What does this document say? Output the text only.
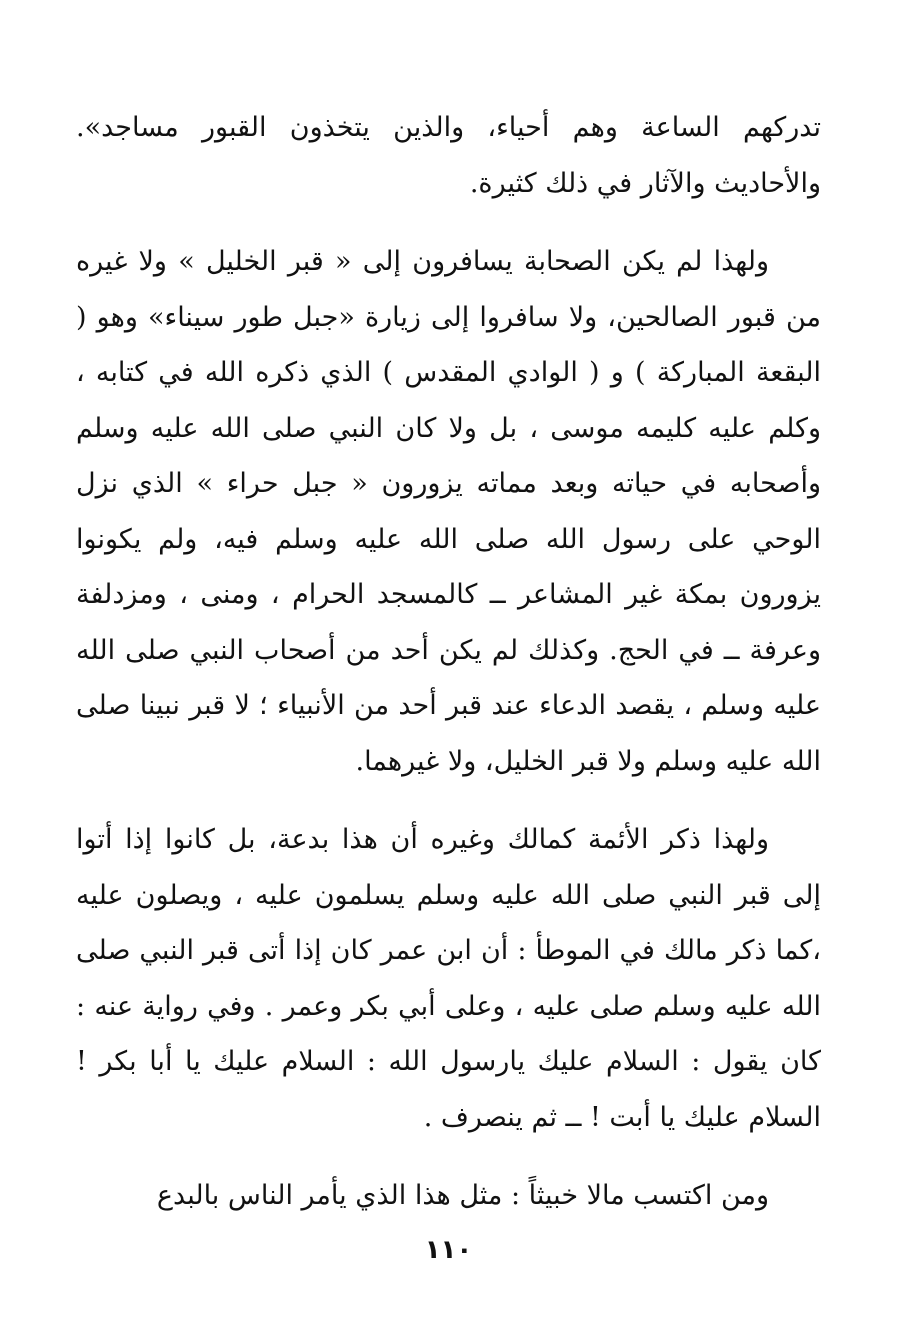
تدركهم الساعة وهم أحياء، والذين يتخذون القبور مساجد». والأحاديث والآثار في ذلك كثيرة.

ولهذا لم يكن الصحابة يسافرون إلى « قبر الخليل » ولا غيره من قبور الصالحين، ولا سافروا إلى زيارة «جبل طور سيناء» وهو ( البقعة المباركة ) و ( الوادي المقدس ) الذي ذكره الله في كتابه ، وكلم عليه كليمه موسى ، بل ولا كان النبي صلى الله عليه وسلم وأصحابه في حياته وبعد مماته يزورون « جبل حراء » الذي نزل الوحي على رسول الله صلى الله عليه وسلم فيه، ولم يكونوا يزورون بمكة غير المشاعر ــ كالمسجد الحرام ، ومنى ، ومزدلفة وعرفة ــ في الحج. وكذلك لم يكن أحد من أصحاب النبي صلى الله عليه وسلم ، يقصد الدعاء عند قبر أحد من الأنبياء ؛ لا قبر نبينا صلى الله عليه وسلم ولا قبر الخليل، ولا غيرهما.

ولهذا ذكر الأئمة كمالك وغيره أن هذا بدعة، بل كانوا إذا أتوا إلى قبر النبي صلى الله عليه وسلم يسلمون عليه ، ويصلون عليه ،كما ذكر مالك في الموطأ : أن ابن عمر كان إذا أتى قبر النبي صلى الله عليه وسلم صلى عليه ، وعلى أبي بكر وعمر . وفي رواية عنه : كان يقول : السلام عليك يارسول الله : السلام عليك يا أبا بكر ! السلام عليك يا أبت ! ــ ثم ينصرف .

ومن اكتسب مالا خبيثاً : مثل هذا الذي يأمر الناس بالبدع

١١٠
